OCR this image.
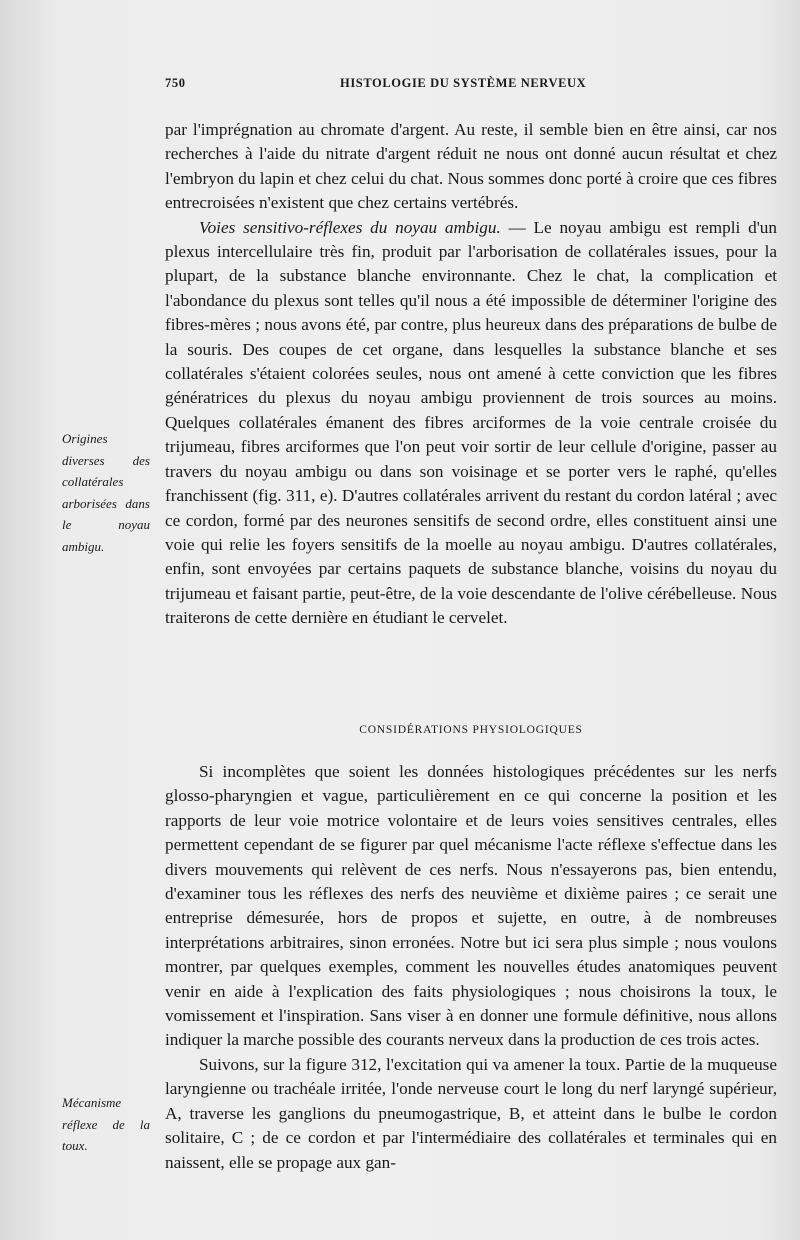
750	HISTOLOGIE DU SYSTÈME NERVEUX

par l'imprégnation au chromate d'argent. Au reste, il semble bien en être ainsi, car nos recherches à l'aide du nitrate d'argent réduit ne nous ont donné aucun résultat et chez l'embryon du lapin et chez celui du chat. Nous sommes donc porté à croire que ces fibres entrecroisées n'existent que chez certains vertébrés.

Voies sensitivo-réflexes du noyau ambigu. — Le noyau ambigu est rempli d'un plexus intercellulaire très fin, produit par l'arborisation de collatérales issues, pour la plupart, de la substance blanche environnante. Chez le chat, la complication et l'abondance du plexus sont telles qu'il nous a été impossible de déterminer l'origine des fibres-mères ; nous avons été, par contre, plus heureux dans des préparations de bulbe de la souris. Des coupes de cet organe, dans lesquelles la substance blanche et ses collatérales s'étaient colorées seules, nous ont amené à cette conviction que les fibres génératrices du plexus du noyau ambigu proviennent de trois sources au moins. Quelques collatérales émanent des fibres arciformes de la voie centrale croisée du trijumeau, fibres arciformes que l'on peut voir sortir de leur cellule d'origine, passer au travers du noyau ambigu ou dans son voisinage et se porter vers le raphé, qu'elles franchissent (fig. 311, e). D'autres collatérales arrivent du restant du cordon latéral ; avec ce cordon, formé par des neurones sensitifs de second ordre, elles constituent ainsi une voie qui relie les foyers sensitifs de la moelle au noyau ambigu. D'autres collatérales, enfin, sont envoyées par certains paquets de substance blanche, voisins du noyau du trijumeau et faisant partie, peut-être, de la voie descendante de l'olive cérébelleuse. Nous traiterons de cette dernière en étudiant le cervelet.

CONSIDÉRATIONS PHYSIOLOGIQUES

Si incomplètes que soient les données histologiques précédentes sur les nerfs glosso-pharyngien et vague, particulièrement en ce qui concerne la position et les rapports de leur voie motrice volontaire et de leurs voies sensitives centrales, elles permettent cependant de se figurer par quel mécanisme l'acte réflexe s'effectue dans les divers mouvements qui relèvent de ces nerfs. Nous n'essayerons pas, bien entendu, d'examiner tous les réflexes des nerfs des neuvième et dixième paires ; ce serait une entreprise démesurée, hors de propos et sujette, en outre, à de nombreuses interprétations arbitraires, sinon erronées. Notre but ici sera plus simple ; nous voulons montrer, par quelques exemples, comment les nouvelles études anatomiques peuvent venir en aide à l'explication des faits physiologiques ; nous choisirons la toux, le vomissement et l'inspiration. Sans viser à en donner une formule définitive, nous allons indiquer la marche possible des courants nerveux dans la production de ces trois actes.

Suivons, sur la figure 312, l'excitation qui va amener la toux. Partie de la muqueuse laryngienne ou trachéale irritée, l'onde nerveuse court le long du nerf laryngé supérieur, A, traverse les ganglions du pneumogastrique, B, et atteint dans le bulbe le cordon solitaire, C ; de ce cordon et par l'intermédiaire des collatérales et terminales qui en naissent, elle se propage aux gan-

Origines diverses des collatérales arborisées dans le noyau ambigu.
Mécanisme réflexe de la toux.
